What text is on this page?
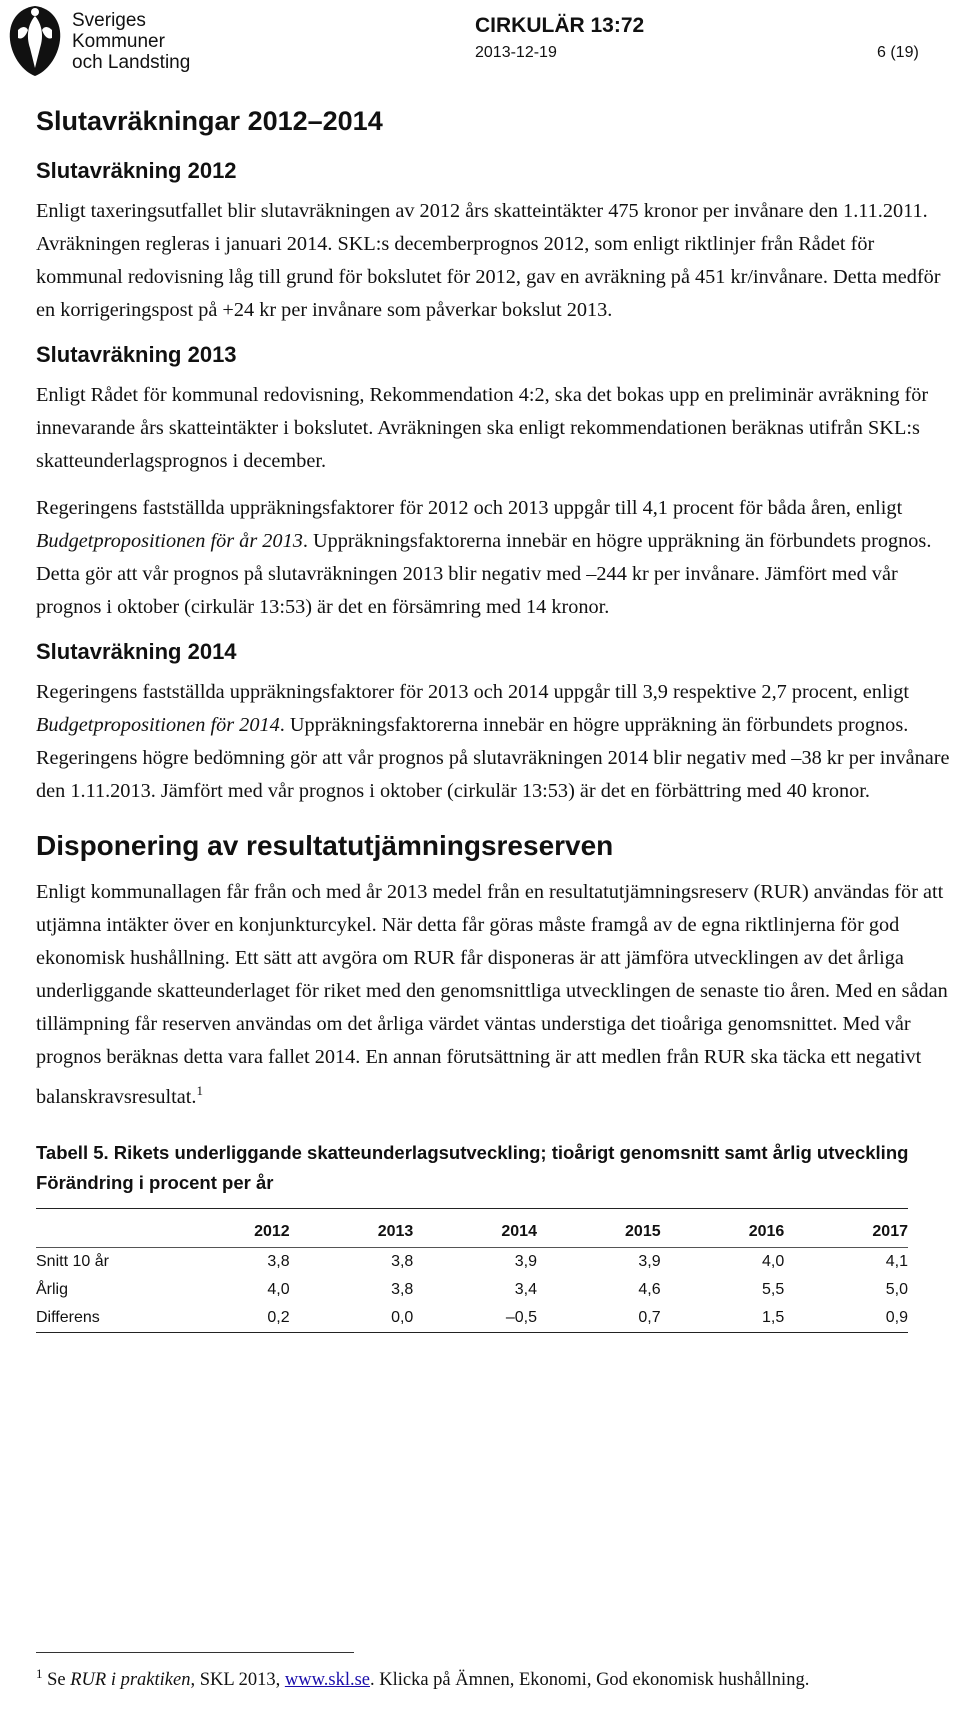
Sveriges
Kommuner
och Landsting
CIRKULÄR 13:72
2013-12-19	6 (19)
Slutavräkningar 2012–2014
Slutavräkning 2012

Enligt taxeringsutfallet blir slutavräkningen av 2012 års skatteintäkter 475 kronor per invånare den 1.11.2011. Avräkningen regleras i januari 2014. SKL:s decemberprognos 2012, som enligt riktlinjer från Rådet för kommunal redovisning låg till grund för bokslutet för 2012, gav en avräkning på 451 kr/invånare. Detta medför en korrigeringspost på +24 kr per invånare som påverkar bokslut 2013.

Slutavräkning 2013

Enligt Rådet för kommunal redovisning, Rekommendation 4:2, ska det bokas upp en preliminär avräkning för innevarande års skatteintäkter i bokslutet. Avräkningen ska enligt rekommendationen beräknas utifrån SKL:s skatteunderlagsprognos i december.

Regeringens fastställda uppräkningsfaktorer för 2012 och 2013 uppgår till 4,1 procent för båda åren, enligt Budgetpropositionen för år 2013. Uppräkningsfaktorerna innebär en högre uppräkning än förbundets prognos. Detta gör att vår prognos på slutavräkningen 2013 blir negativ med –244 kr per invånare. Jämfört med vår prognos i oktober (cirkulär 13:53) är det en försämring med 14 kronor.

Slutavräkning 2014

Regeringens fastställda uppräkningsfaktorer för 2013 och 2014 uppgår till 3,9 respektive 2,7 procent, enligt Budgetpropositionen för 2014. Uppräkningsfaktorerna innebär en högre uppräkning än förbundets prognos. Regeringens högre bedömning gör att vår prognos på slutavräkningen 2014 blir negativ med –38 kr per invånare den 1.11.2013. Jämfört med vår prognos i oktober (cirkulär 13:53) är det en förbättring med 40 kronor.

Disponering av resultatutjämningsreserven

Enligt kommunallagen får från och med år 2013 medel från en resultatutjämningsreserv (RUR) användas för att utjämna intäkter över en konjunkturcykel. När detta får göras måste framgå av de egna riktlinjerna för god ekonomisk hushållning. Ett sätt att avgöra om RUR får disponeras är att jämföra utvecklingen av det årliga underliggande skatteunderlaget för riket med den genomsnittliga utvecklingen de senaste tio åren. Med en sådan tillämpning får reserven användas om det årliga värdet väntas understiga det tioåriga genomsnittet. Med vår prognos beräknas detta vara fallet 2014. En annan förutsättning är att medlen från RUR ska täcka ett negativt balanskravsresultat.$^1$

Tabell 5. Rikets underliggande skatteunderlagsutveckling; tioårigt genomsnitt samt årlig utveckling
Förändring i procent per år
	2012	2013	2014	2015	2016	2017
Snitt 10 år	3,8	3,8	3,9	3,9	4,0	4,1
Årlig	4,0	3,8	3,4	4,6	5,5	5,0
Differens	0,2	0,0	–0,5	0,7	1,5	0,9
$^1$ Se RUR i praktiken, SKL 2013, www.skl.se. Klicka på Ämnen, Ekonomi, God ekonomisk hushållning.
